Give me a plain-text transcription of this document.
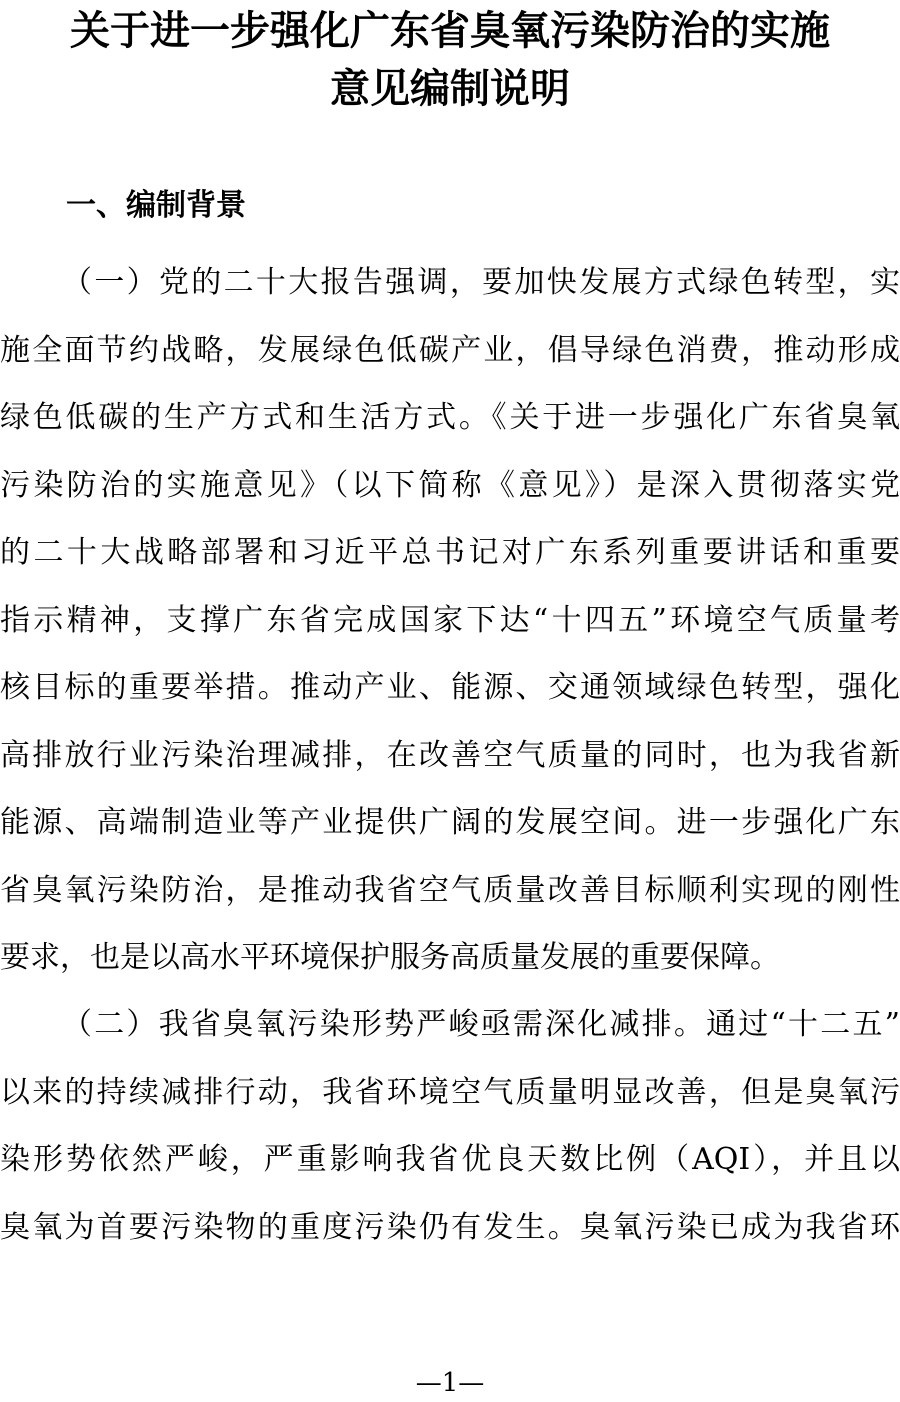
关于进一步强化广东省臭氧污染防治的实施
意见编制说明
一、编制背景
（一）党的二十大报告强调，要加快发展方式绿色转型，实
施全面节约战略，发展绿色低碳产业，倡导绿色消费，推动形成
绿色低碳的生产方式和生活方式。《关于进一步强化广东省臭氧
污染防治的实施意见》（以下简称《意见》）是深入贯彻落实党
的二十大战略部署和习近平总书记对广东系列重要讲话和重要
指示精神，支撑广东省完成国家下达“十四五”环境空气质量考
核目标的重要举措。推动产业、能源、交通领域绿色转型，强化
高排放行业污染治理减排，在改善空气质量的同时，也为我省新
能源、高端制造业等产业提供广阔的发展空间。进一步强化广东
省臭氧污染防治，是推动我省空气质量改善目标顺利实现的刚性
要求，也是以高水平环境保护服务高质量发展的重要保障。
（二）我省臭氧污染形势严峻亟需深化减排。通过“十二五”
以来的持续减排行动，我省环境空气质量明显改善，但是臭氧污
染形势依然严峻，严重影响我省优良天数比例（AQI），并且以
臭氧为首要污染物的重度污染仍有发生。臭氧污染已成为我省环
—1—
